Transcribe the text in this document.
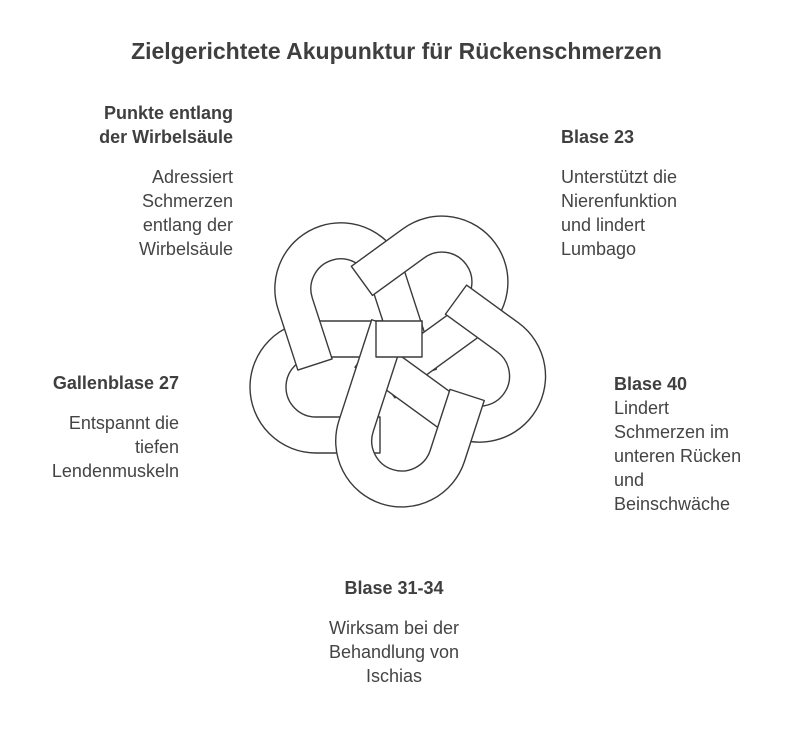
Zielgerichtete Akupunktur für Rückenschmerzen
Punkte entlang
der Wirbelsäule
Adressiert
Schmerzen
entlang der
Wirbelsäule
Blase 23
Unterstützt die
Nierenfunktion
und lindert
Lumbago
Gallenblase 27
Entspannt die
tiefen
Lendenmuskeln
Blase 40
Lindert
Schmerzen im
unteren Rücken
und
Beinschwäche
Blase 31-34
Wirksam bei der
Behandlung von
Ischias
